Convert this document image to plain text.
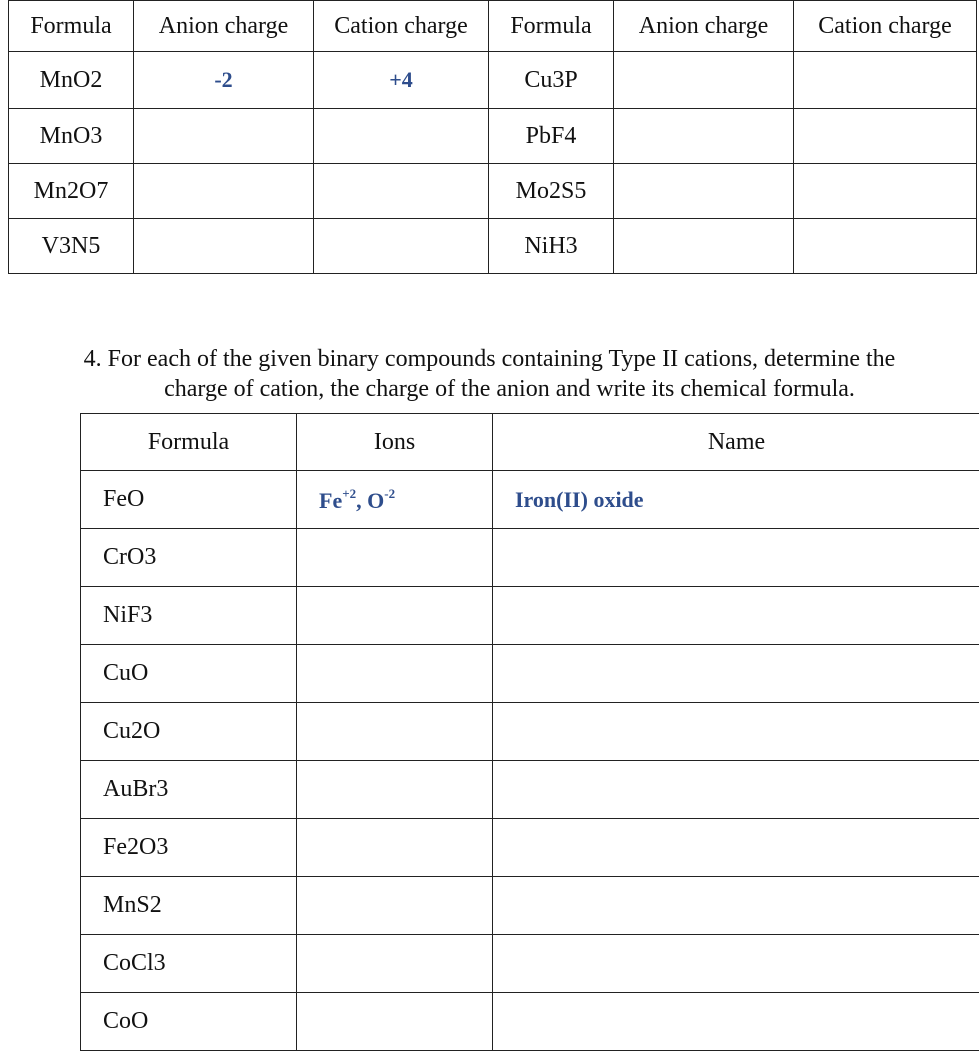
Formula	Anion charge	Cation charge	Formula	Anion charge	Cation charge
MnO2	-2	+4	Cu3P		
MnO3			PbF4		
Mn2O7			Mo2S5		
V3N5			NiH3		
4. For each of the given binary compounds containing Type II cations, determine the
charge of cation, the charge of the anion and write its chemical formula.
Formula	Ions	Name
FeO	$Fe^{+2}$, $O^{-2}$	Iron(II) oxide
CrO3		
NiF3		
CuO		
Cu2O		
AuBr3		
Fe2O3		
MnS2		
CoCl3		
CoO		
